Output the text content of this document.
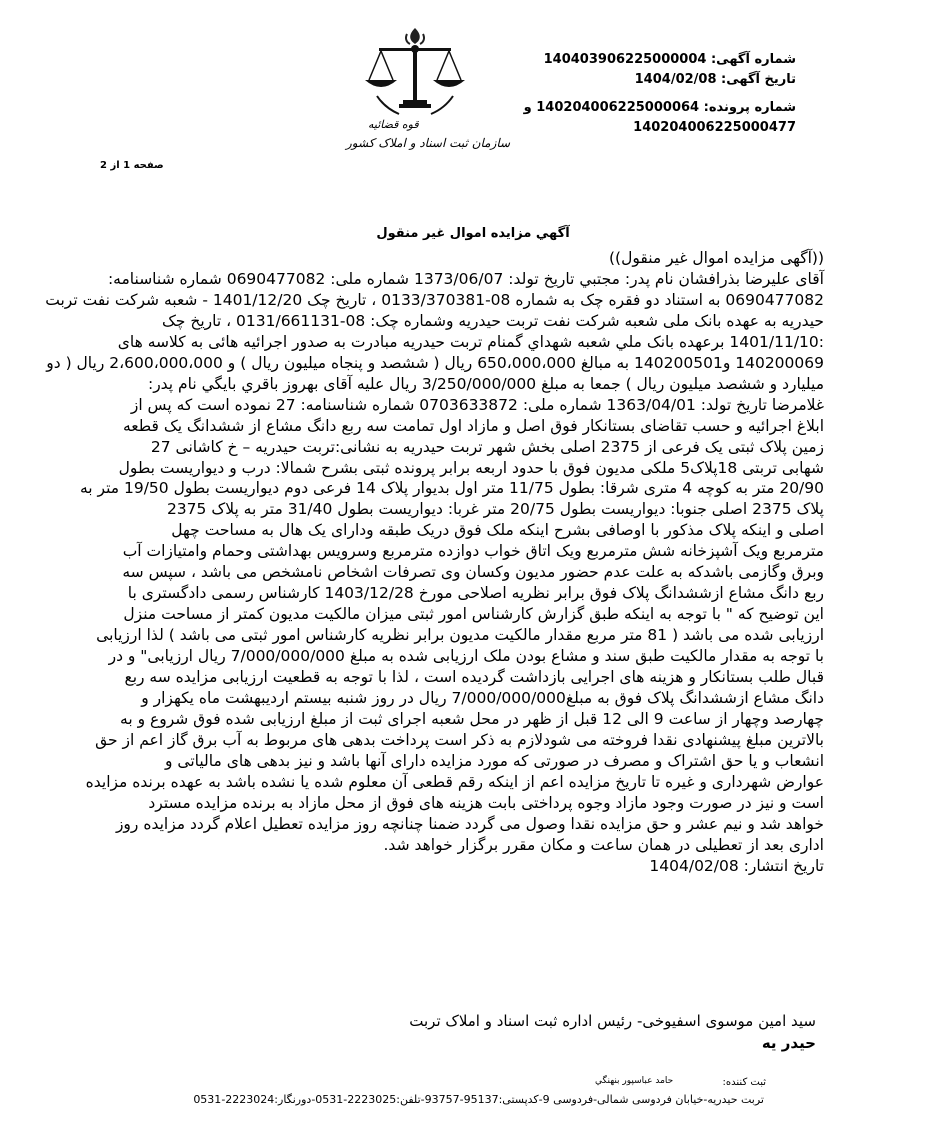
شماره آگهی: 140403906225000004
تاریخ آگهی: 1404/02/08
شماره پرونده: 140204006225000064 و
140204006225000477
قوه قضائیه
سازمان ثبت اسناد و املاک کشور
صفحه 1 از 2
آگهي مزايده اموال غير منقول

((آگهی مزایده اموال غیر منقول))

آقای علیرضا بذرافشان نام پدر: مجتبي تاريخ تولد: 1373/06/07 شماره ملی: 0690477082 شماره شناسنامه:

0690477082 به استناد دو فقره چک به شماره 08-0133/370381 ، تاریخ چک 1401/12/20 - شعبه شرکت نفت تربت

حیدریه به عهده بانک ملی شعبه شرکت نفت تربت حیدریه وشماره چک: 08-0131/661131 ، تاریخ چک

:1401/11/10 برعهده بانک ملي شعبه شهداي گمنام تربت حيدريه مبادرت به صدور اجرائیه هائی به کلاسه های

140200069 و140200501 به مبالغ 650،000،000 ريال ( ششصد و پنجاه ميليون ريال ) و 2،600،000،000 ريال ( دو

میلیارد و ششصد میلیون ریال ) جمعا به مبلغ 3/250/000/000 ريال عليه آقای بهروز باقري بايگي نام پدر:

غلامرضا تاريخ تولد: 1363/04/01 شماره ملی: 0703633872 شماره شناسنامه: 27 نموده است که پس از

ابلاغ اجرائیه و حسب تقاضای بستانکار فوق اصل و مازاد اول تمامت سه ربع دانگ مشاع از ششدانگ یک قطعه

زمین پلاک ثبتی یک فرعی از 2375 اصلی بخش شهر تربت حیدریه به نشانی:تربت حیدریه – خ کاشانی 27

شهابی تربتی 18پلاک5 ملکی مدیون فوق با حدود اربعه برابر پرونده ثبتی بشرح شمالا: درب و دیواریست بطول

20/90 متر به کوچه 4 متری شرقا: بطول 11/75 متر اول بدیوار پلاک 14 فرعی دوم دیواریست بطول 19/50 متر به

پلاک 2375 اصلی جنوبا: دیواریست بطول 20/75 متر غربا: دیواریست بطول 31/40 متر به پلاک 2375

اصلی و اینکه پلاک مذکور با اوصافی بشرح اینکه ملک فوق دریک طبقه ودارای یک هال به مساحت چهل

مترمربع ویک آشپزخانه شش مترمربع ویک اتاق خواب دوازده مترمربع وسرویس بهداشتی وحمام وامتیازات آب

وبرق وگازمی باشدکه به علت عدم حضور مدیون وکسان وی تصرفات اشخاص نامشخص می باشد ، سپس سه

ربع دانگ مشاع ازششدانگ پلاک فوق برابر نظریه اصلاحی مورخ 1403/12/28 کارشناس رسمی دادگستری با

این توضیح که " با توجه به اینکه طبق گزارش کارشناس امور ثبتی میزان مالکیت مدیون کمتر از مساحت منزل

ارزیابی شده می باشد ( 81 متر مربع مقدار مالکیت مدیون برابر نظریه کارشناس امور ثبتی می باشد ) لذا ارزیابی

با توجه به مقدار مالکیت طبق سند و مشاع بودن ملک ارزیابی شده به مبلغ 7/000/000/000 ریال ارزیابی" و در

قبال طلب بستانکار و هزینه های اجرایی بازداشت گردیده است ، لذا با توجه به قطعیت ارزیابی مزایده سه ربع

دانگ مشاع ازششدانگ پلاک فوق به مبلغ7/000/000/000 ریال در روز شنبه بیستم اردیبهشت ماه یکهزار و

چهارصد وچهار از ساعت 9 الی 12 قبل از ظهر در محل شعبه اجرای ثبت از مبلغ ارزیابی شده فوق شروع و به

بالاترین مبلغ پیشنهادی نقدا فروخته می شودلازم به ذکر است پرداخت بدهی های مربوط به آب برق گاز اعم از حق

انشعاب و یا حق اشتراک و مصرف در صورتی که مورد مزایده دارای آنها باشد و نیز بدهی های مالیاتی و

عوارض شهرداری و غیره تا تاریخ مزایده اعم از اینکه رقم قطعی آن معلوم شده یا نشده باشد به عهده برنده مزایده

است و نیز در صورت وجود مازاد وجوه پرداختی بابت هزینه های فوق از محل مازاد به برنده مزایده مسترد

خواهد شد و نیم عشر و حق مزایده نقدا وصول می گردد ضمنا چنانچه روز مزایده تعطیل اعلام گردد مزایده روز

اداری بعد از تعطیلی در همان ساعت و مکان مقرر برگزار خواهد شد.

تاریخ انتشار: 1404/02/08

سید امین موسوی اسفیوخی- رئیس اداره ثبت اسناد و املاک تربت
حیدر یه
ثبت کننده:
حامد عباسپور بنهنگي
تربت حیدریه-خیابان فردوسی شمالی-فردوسی 9-کدپستی:95137-93757-تلفن:2223025-0531-دورنگار:2223024-0531
